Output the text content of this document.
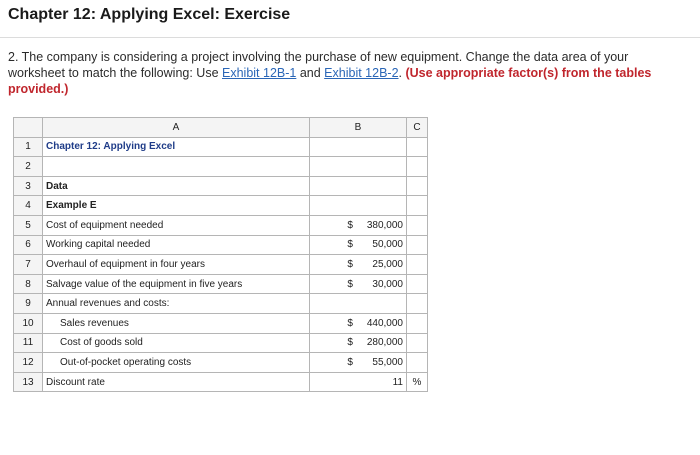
Chapter 12: Applying Excel: Exercise
2. The company is considering a project involving the purchase of new equipment. Change the data area of your worksheet to match the following: Use Exhibit 12B-1 and Exhibit 12B-2. (Use appropriate factor(s) from the tables provided.)
	A	B		C
1	Chapter 12: Applying Excel			
2				
3	Data			
4	Example E			
5	Cost of equipment needed	$	380,000	
6	Working capital needed	$	50,000	
7	Overhaul of equipment in four years	$	25,000	
8	Salvage value of the equipment in five years	$	30,000	
9	Annual revenues and costs:			
10	Sales revenues	$	440,000	
11	Cost of goods sold	$	280,000	
12	Out-of-pocket operating costs	$	55,000	
13	Discount rate		11	%
